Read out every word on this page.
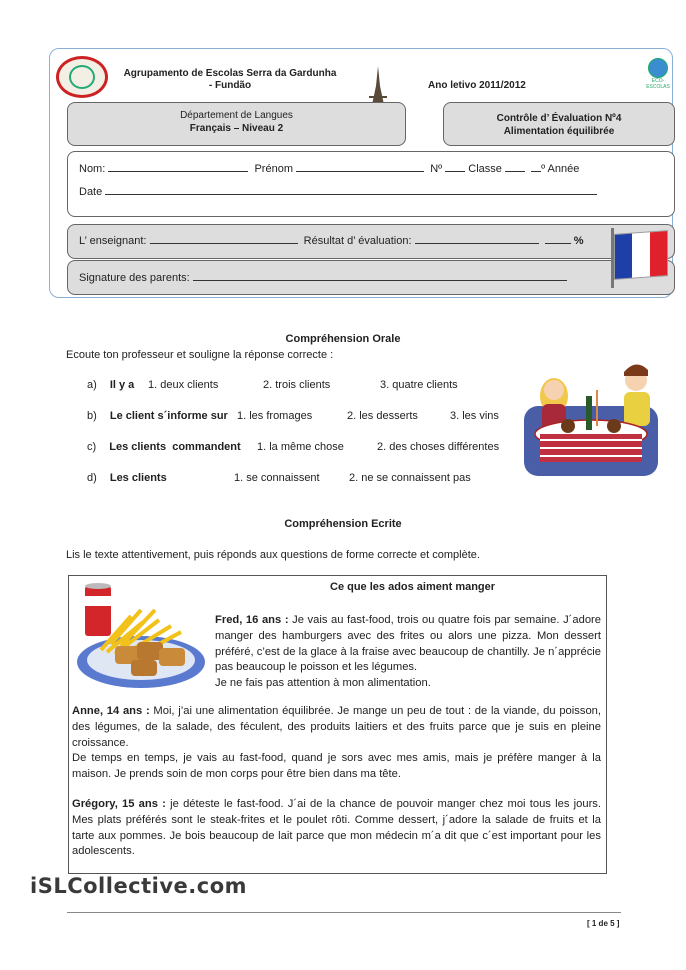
Agrupamento de Escolas Serra da Gardunha
- Fundão	Ano letivo 2011/2012	ECO-ESCOLAS
Département de Langues
Français – Niveau 2
Contrôle d’ Évaluation Nº4
Alimentation équilibrée
Nom:	Prénom	Nº Classe	º Année
Date
L’ enseignant:	Résultat d’ évaluation:	%
Signature des parents:
Compréhension Orale
Ecoute ton professeur et souligne la réponse correcte :
a) Il y a 1. deux clients	2. trois clients	3. quatre clients
b) Le client s´informe sur 1. les fromages	2. les desserts	3. les vins
c) Les clients  commandent 1. la même chose	2. des choses différentes
d) Les clients	1. se connaissent	2. ne se connaissent pas
Compréhension Ecrite
Lis le texte attentivement, puis réponds aux questions de forme correcte et complète.
Ce que les ados aiment manger
Fred, 16 ans : Je vais au fast-food, trois ou quatre fois par semaine. J´adore manger des hamburgers avec des frites ou alors une pizza. Mon dessert préféré, c’est de la glace à la fraise avec beaucoup de chantilly. Je n´apprécie pas beaucoup le poisson et les légumes.
Je ne fais pas attention à mon alimentation.
Anne, 14 ans : Moi, j’ai une alimentation équilibrée. Je mange un peu de tout : de la viande, du poisson, des légumes, de la salade, des féculent, des produits laitiers et des fruits parce que je suis en pleine croissance.
De temps en temps, je vais au fast-food, quand je sors avec mes amis, mais je préfère manger à la maison. Je prends soin de mon corps pour être bien dans ma tête.
Grégory, 15 ans : je déteste le fast-food. J´ai de la chance de pouvoir manger chez moi tous les jours. Mes plats préférés sont le steak-frites et le poulet rôti. Comme dessert, j´adore la salade de fruits et la tarte aux pommes. Je bois beaucoup de lait parce que mon médecin m´a dit que c´est important pour les adolescents.
iSLCollective.com
[ 1 de 5 ]
